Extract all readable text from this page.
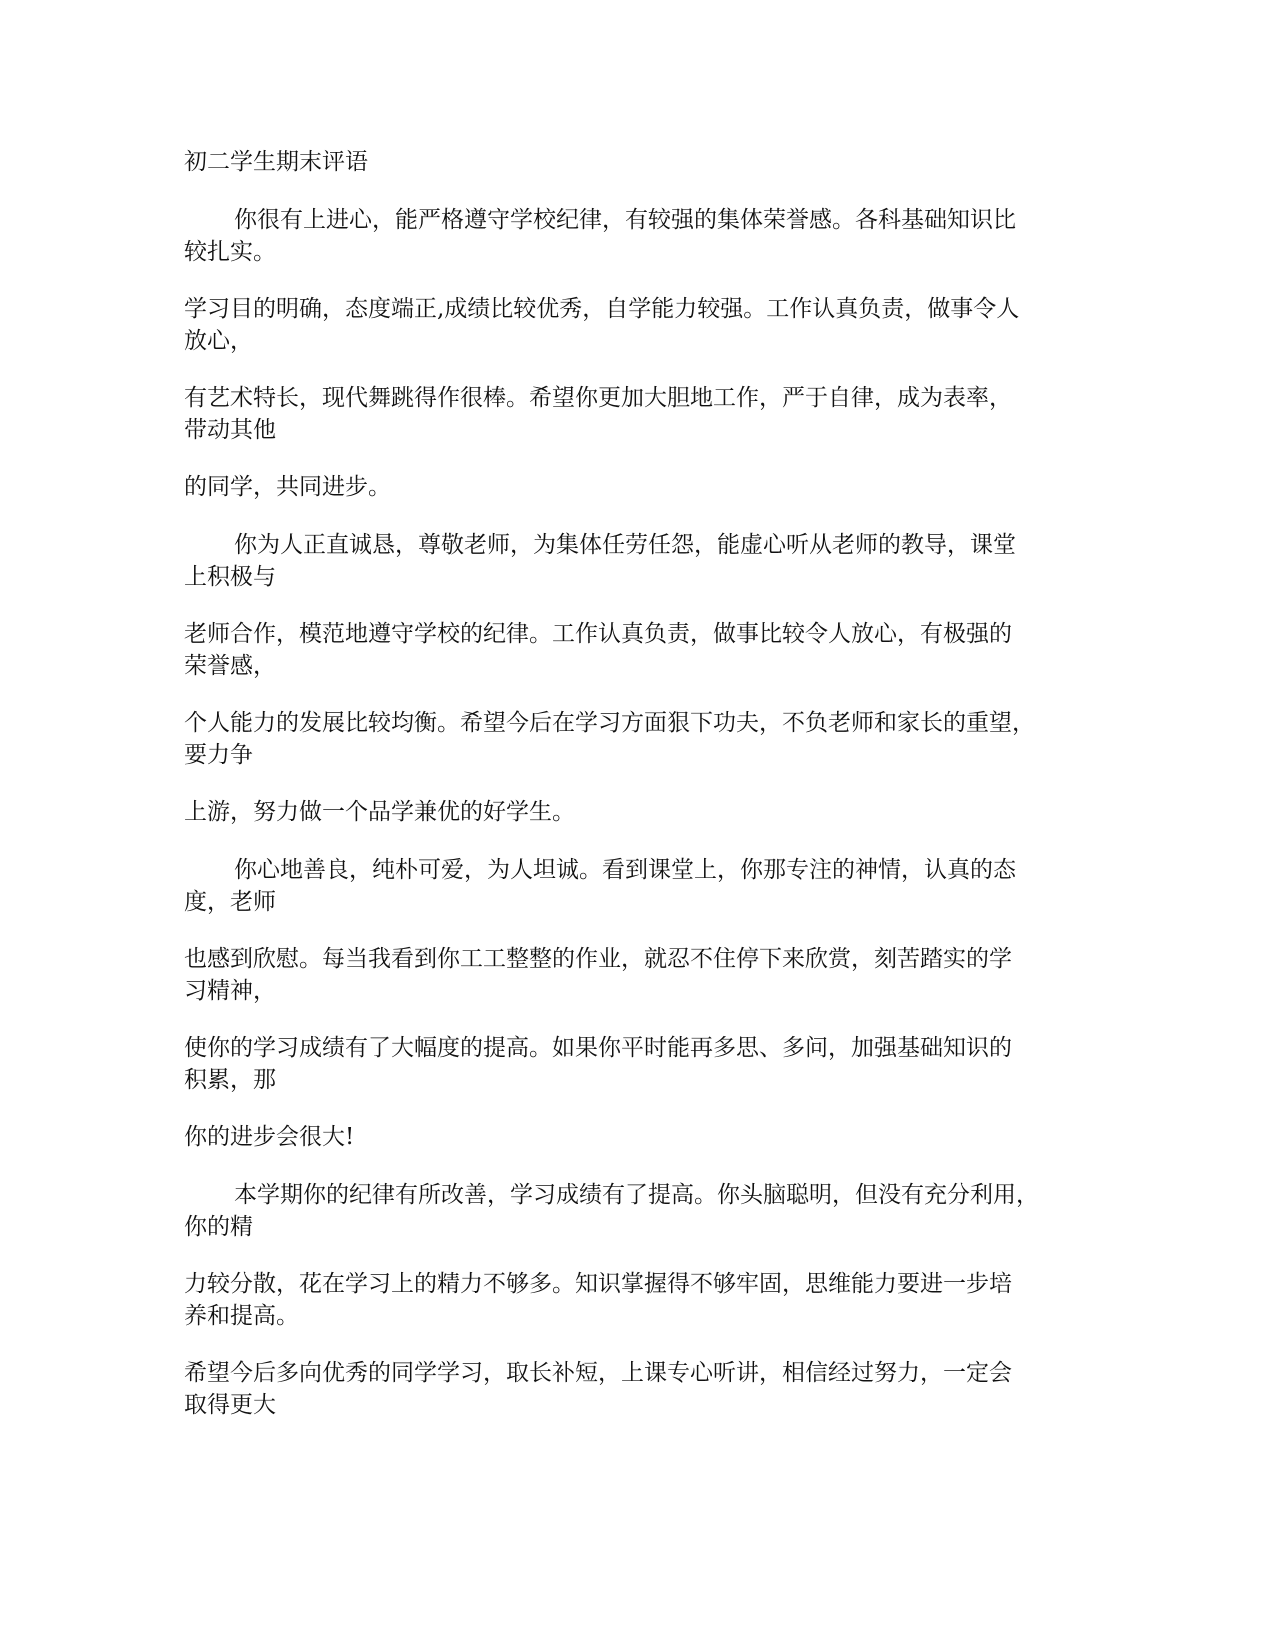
初二学生期末评语
你很有上进心，能严格遵守学校纪律，有较强的集体荣誉感。各科基础知识比
较扎实。
学习目的明确，态度端正,成绩比较优秀，自学能力较强。工作认真负责，做事令人
放心，
有艺术特长，现代舞跳得作很棒。希望你更加大胆地工作，严于自律，成为表率，
带动其他
的同学，共同进步。
你为人正直诚恳，尊敬老师，为集体任劳任怨，能虚心听从老师的教导，课堂
上积极与
老师合作，模范地遵守学校的纪律。工作认真负责，做事比较令人放心，有极强的
荣誉感，
个人能力的发展比较均衡。希望今后在学习方面狠下功夫，不负老师和家长的重望，
要力争
上游，努力做一个品学兼优的好学生。
你心地善良，纯朴可爱，为人坦诚。看到课堂上，你那专注的神情，认真的态
度，老师
也感到欣慰。每当我看到你工工整整的作业，就忍不住停下来欣赏，刻苦踏实的学
习精神，
使你的学习成绩有了大幅度的提高。如果你平时能再多思、多问，加强基础知识的
积累，那
你的进步会很大!
本学期你的纪律有所改善，学习成绩有了提高。你头脑聪明，但没有充分利用，
你的精
力较分散，花在学习上的精力不够多。知识掌握得不够牢固，思维能力要进一步培
养和提高。
希望今后多向优秀的同学学习，取长补短，上课专心听讲，相信经过努力，一定会
取得更大
